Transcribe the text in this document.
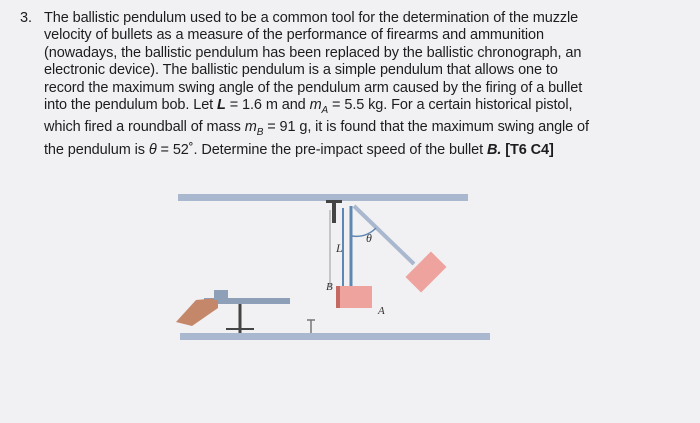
3. The ballistic pendulum used to be a common tool for the determination of the muzzle
velocity of bullets as a measure of the performance of firearms and ammunition
(nowadays, the ballistic pendulum has been replaced by the ballistic chronograph, an
electronic device). The ballistic pendulum is a simple pendulum that allows one to
record the maximum swing angle of the pendulum arm caused by the firing of a bullet
into the pendulum bob. Let L = 1.6 m and $m_A = 5.5$ kg. For a certain historical pistol,
which fired a roundball of mass $m_B = 91$ g, it is found that the maximum swing angle of
the pendulum is θ = 52˚. Determine the pre-impact speed of the bullet B. [T6 C4]
L
θ
B
A
